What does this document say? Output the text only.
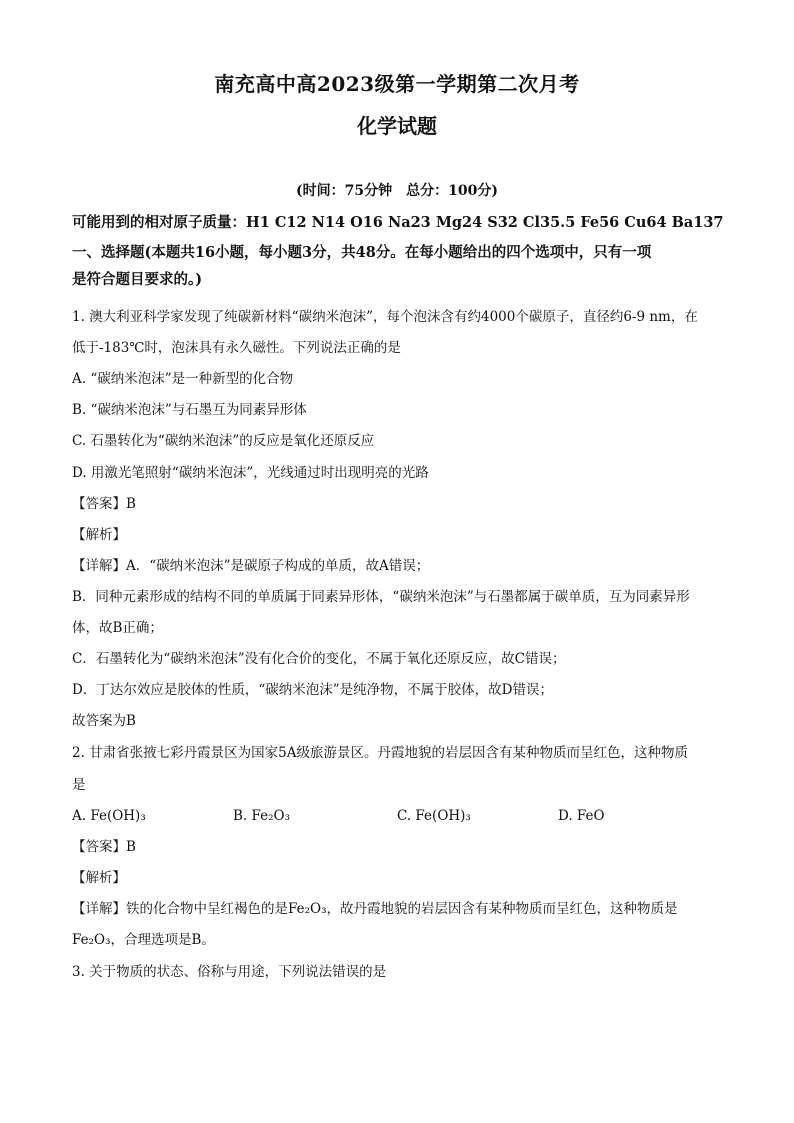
南充高中高2023级第一学期第二次月考
化学试题
(时间：75分钟　总分：100分)
可能用到的相对原子质量：H1 C12 N14 O16 Na23 Mg24 S32 Cl35.5 Fe56 Cu64 Ba137
一、选择题(本题共16小题，每小题3分，共48分。在每小题给出的四个选项中，只有一项
是符合题目要求的。)
1. 澳大利亚科学家发现了纯碳新材料“碳纳米泡沫”，每个泡沫含有约4000个碳原子，直径约6-9 nm，在
低于-183℃时，泡沫具有永久磁性。下列说法正确的是
A. “碳纳米泡沫”是一种新型的化合物
B. “碳纳米泡沫”与石墨互为同素异形体
C. 石墨转化为“碳纳米泡沫”的反应是氧化还原反应
D. 用激光笔照射“碳纳米泡沫”，光线通过时出现明亮的光路
【答案】B
【解析】
【详解】A．“碳纳米泡沫”是碳原子构成的单质，故A错误；
B．同种元素形成的结构不同的单质属于同素异形体，“碳纳米泡沫”与石墨都属于碳单质，互为同素异形
体，故B正确；
C．石墨转化为“碳纳米泡沫”没有化合价的变化，不属于氧化还原反应，故C错误；
D．丁达尔效应是胶体的性质，“碳纳米泡沫”是纯净物，不属于胶体，故D错误；
故答案为B
2. 甘肃省张掖七彩丹霞景区为国家5A级旅游景区。丹霞地貌的岩层因含有某种物质而呈红色，这种物质
是
A. Fe(OH)₃	B. Fe₂O₃	C. Fe(OH)₃	D. FeO
【答案】B
【解析】
【详解】铁的化合物中呈红褐色的是Fe₂O₃，故丹霞地貌的岩层因含有某种物质而呈红色，这种物质是
Fe₂O₃，合理选项是B。
3. 关于物质的状态、俗称与用途，下列说法错误的是
